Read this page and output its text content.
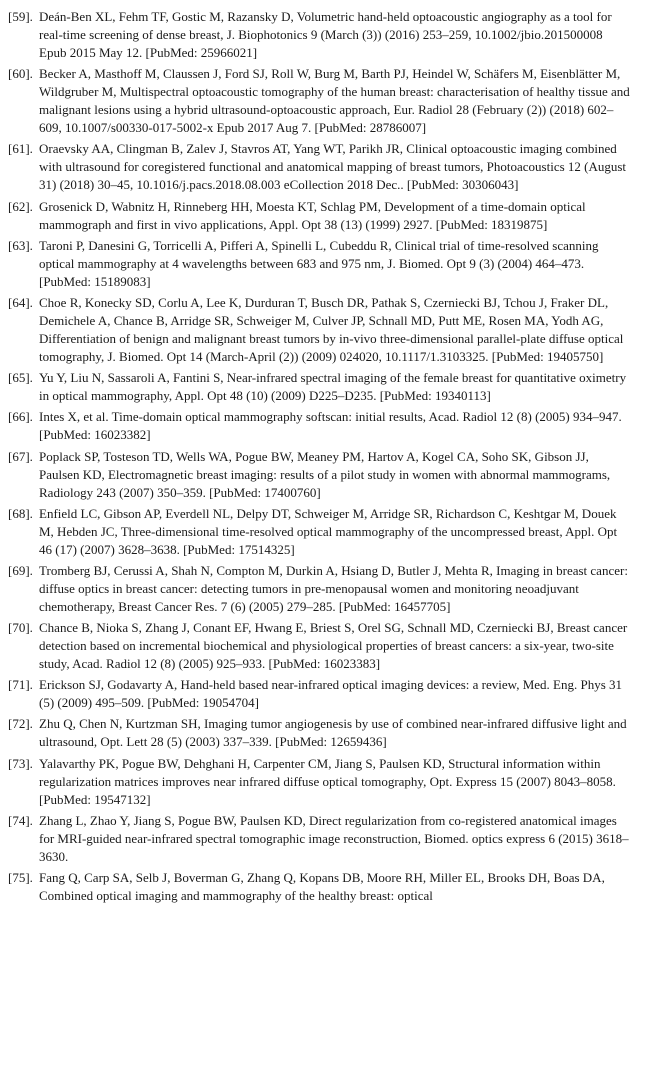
[59]. Deán-Ben XL, Fehm TF, Gostic M, Razansky D, Volumetric hand-held optoacoustic angiography as a tool for real-time screening of dense breast, J. Biophotonics 9 (March (3)) (2016) 253–259, 10.1002/jbio.201500008 Epub 2015 May 12. [PubMed: 25966021]
[60]. Becker A, Masthoff M, Claussen J, Ford SJ, Roll W, Burg M, Barth PJ, Heindel W, Schäfers M, Eisenblätter M, Wildgruber M, Multispectral optoacoustic tomography of the human breast: characterisation of healthy tissue and malignant lesions using a hybrid ultrasound-optoacoustic approach, Eur. Radiol 28 (February (2)) (2018) 602–609, 10.1007/s00330-017-5002-x Epub 2017 Aug 7. [PubMed: 28786007]
[61]. Oraevsky AA, Clingman B, Zalev J, Stavros AT, Yang WT, Parikh JR, Clinical optoacoustic imaging combined with ultrasound for coregistered functional and anatomical mapping of breast tumors, Photoacoustics 12 (August 31) (2018) 30–45, 10.1016/j.pacs.2018.08.003 eCollection 2018 Dec.. [PubMed: 30306043]
[62]. Grosenick D, Wabnitz H, Rinneberg HH, Moesta KT, Schlag PM, Development of a time-domain optical mammograph and first in vivo applications, Appl. Opt 38 (13) (1999) 2927. [PubMed: 18319875]
[63]. Taroni P, Danesini G, Torricelli A, Pifferi A, Spinelli L, Cubeddu R, Clinical trial of time-resolved scanning optical mammography at 4 wavelengths between 683 and 975 nm, J. Biomed. Opt 9 (3) (2004) 464–473. [PubMed: 15189083]
[64]. Choe R, Konecky SD, Corlu A, Lee K, Durduran T, Busch DR, Pathak S, Czerniecki BJ, Tchou J, Fraker DL, Demichele A, Chance B, Arridge SR, Schweiger M, Culver JP, Schnall MD, Putt ME, Rosen MA, Yodh AG, Differentiation of benign and malignant breast tumors by in-vivo three-dimensional parallel-plate diffuse optical tomography, J. Biomed. Opt 14 (March-April (2)) (2009) 024020, 10.1117/1.3103325. [PubMed: 19405750]
[65]. Yu Y, Liu N, Sassaroli A, Fantini S, Near-infrared spectral imaging of the female breast for quantitative oximetry in optical mammography, Appl. Opt 48 (10) (2009) D225–D235. [PubMed: 19340113]
[66]. Intes X, et al. Time-domain optical mammography softscan: initial results, Acad. Radiol 12 (8) (2005) 934–947. [PubMed: 16023382]
[67]. Poplack SP, Tosteson TD, Wells WA, Pogue BW, Meaney PM, Hartov A, Kogel CA, Soho SK, Gibson JJ, Paulsen KD, Electromagnetic breast imaging: results of a pilot study in women with abnormal mammograms, Radiology 243 (2007) 350–359. [PubMed: 17400760]
[68]. Enfield LC, Gibson AP, Everdell NL, Delpy DT, Schweiger M, Arridge SR, Richardson C, Keshtgar M, Douek M, Hebden JC, Three-dimensional time-resolved optical mammography of the uncompressed breast, Appl. Opt 46 (17) (2007) 3628–3638. [PubMed: 17514325]
[69]. Tromberg BJ, Cerussi A, Shah N, Compton M, Durkin A, Hsiang D, Butler J, Mehta R, Imaging in breast cancer: diffuse optics in breast cancer: detecting tumors in pre-menopausal women and monitoring neoadjuvant chemotherapy, Breast Cancer Res. 7 (6) (2005) 279–285. [PubMed: 16457705]
[70]. Chance B, Nioka S, Zhang J, Conant EF, Hwang E, Briest S, Orel SG, Schnall MD, Czerniecki BJ, Breast cancer detection based on incremental biochemical and physiological properties of breast cancers: a six-year, two-site study, Acad. Radiol 12 (8) (2005) 925–933. [PubMed: 16023383]
[71]. Erickson SJ, Godavarty A, Hand-held based near-infrared optical imaging devices: a review, Med. Eng. Phys 31 (5) (2009) 495–509. [PubMed: 19054704]
[72]. Zhu Q, Chen N, Kurtzman SH, Imaging tumor angiogenesis by use of combined near-infrared diffusive light and ultrasound, Opt. Lett 28 (5) (2003) 337–339. [PubMed: 12659436]
[73]. Yalavarthy PK, Pogue BW, Dehghani H, Carpenter CM, Jiang S, Paulsen KD, Structural information within regularization matrices improves near infrared diffuse optical tomography, Opt. Express 15 (2007) 8043–8058. [PubMed: 19547132]
[74]. Zhang L, Zhao Y, Jiang S, Pogue BW, Paulsen KD, Direct regularization from co-registered anatomical images for MRI-guided near-infrared spectral tomographic image reconstruction, Biomed. optics express 6 (2015) 3618–3630.
[75]. Fang Q, Carp SA, Selb J, Boverman G, Zhang Q, Kopans DB, Moore RH, Miller EL, Brooks DH, Boas DA, Combined optical imaging and mammography of the healthy breast: optical
